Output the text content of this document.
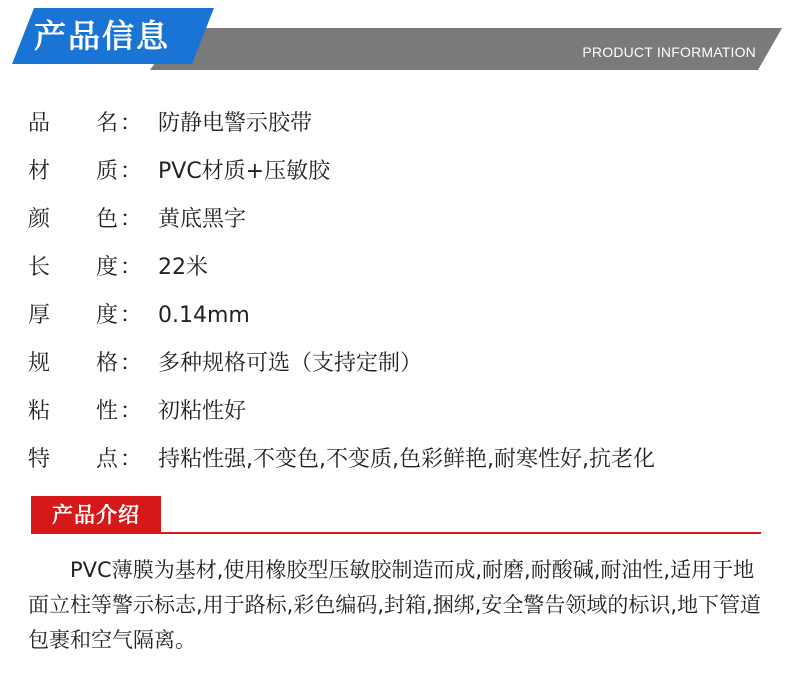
PRODUCT INFORMATION
产品信息
品 名 ： 防静电警示胶带
材 质 ： PVC材质+压敏胶
颜 色 ： 黄底黑字
长 度 ： 22米
厚 度 ： 0.14mm
规 格 ： 多种规格可选（支持定制）
粘 性 ： 初粘性好
特 点 ： 持粘性强,不变色,不变质,色彩鲜艳,耐寒性好,抗老化
产品介绍
PVC薄膜为基材,使用橡胶型压敏胶制造而成,耐磨,耐酸碱,耐油性,适用于地面立柱等警示标志,用于路标,彩色编码,封箱,捆绑,安全警告领域的标识,地下管道包裹和空气隔离。
